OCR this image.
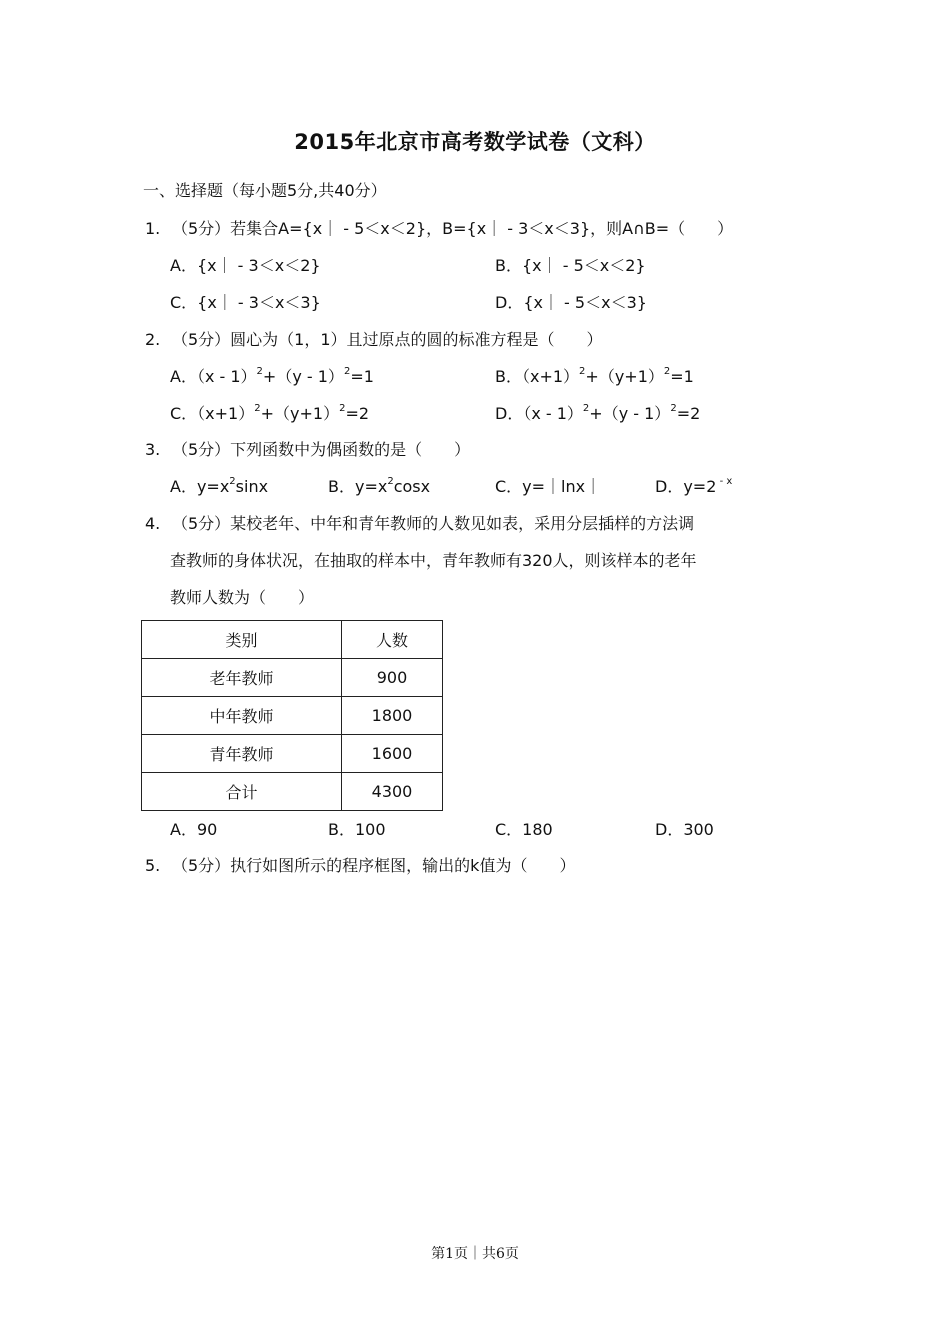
2015年北京市高考数学试卷（文科）
一、选择题（每小题5分,共40分）
1. （5分）若集合A={x｜ - 5＜x＜2}，B={x｜ - 3＜x＜3}，则A∩B=（　　）
A．{x｜ - 3＜x＜2}	B．{x｜ - 5＜x＜2}
C．{x｜ - 3＜x＜3}	D．{x｜ - 5＜x＜3}
2. （5分）圆心为（1，1）且过原点的圆的标准方程是（　　）
A．（x - 1）$^2$+（y - 1）$^2$=1	B．$(x+1)^2+(y+1)^2=1$
C．$(x+1)^2+(y+1)^2=2$	D．（x - 1）$^2$+（y - 1）$^2$=2
3. （5分）下列函数中为偶函数的是（　　）
A．$y=x^2\sin x$	B．$y=x^2\cos x$	C．y=｜lnx｜	D．y=2 $^{- x}$
4. （5分）某校老年、中年和青年教师的人数见如表，采用分层插样的方法调
查教师的身体状况，在抽取的样本中，青年教师有320人，则该样本的老年
教师人数为（　　）
类别	人数
老年教师	900
中年教师	1800
青年教师	1600
合计	4300
A．90	B．100	C．180	D．300
5. （5分）执行如图所示的程序框图，输出的k值为（　　）
第1页｜共6页
